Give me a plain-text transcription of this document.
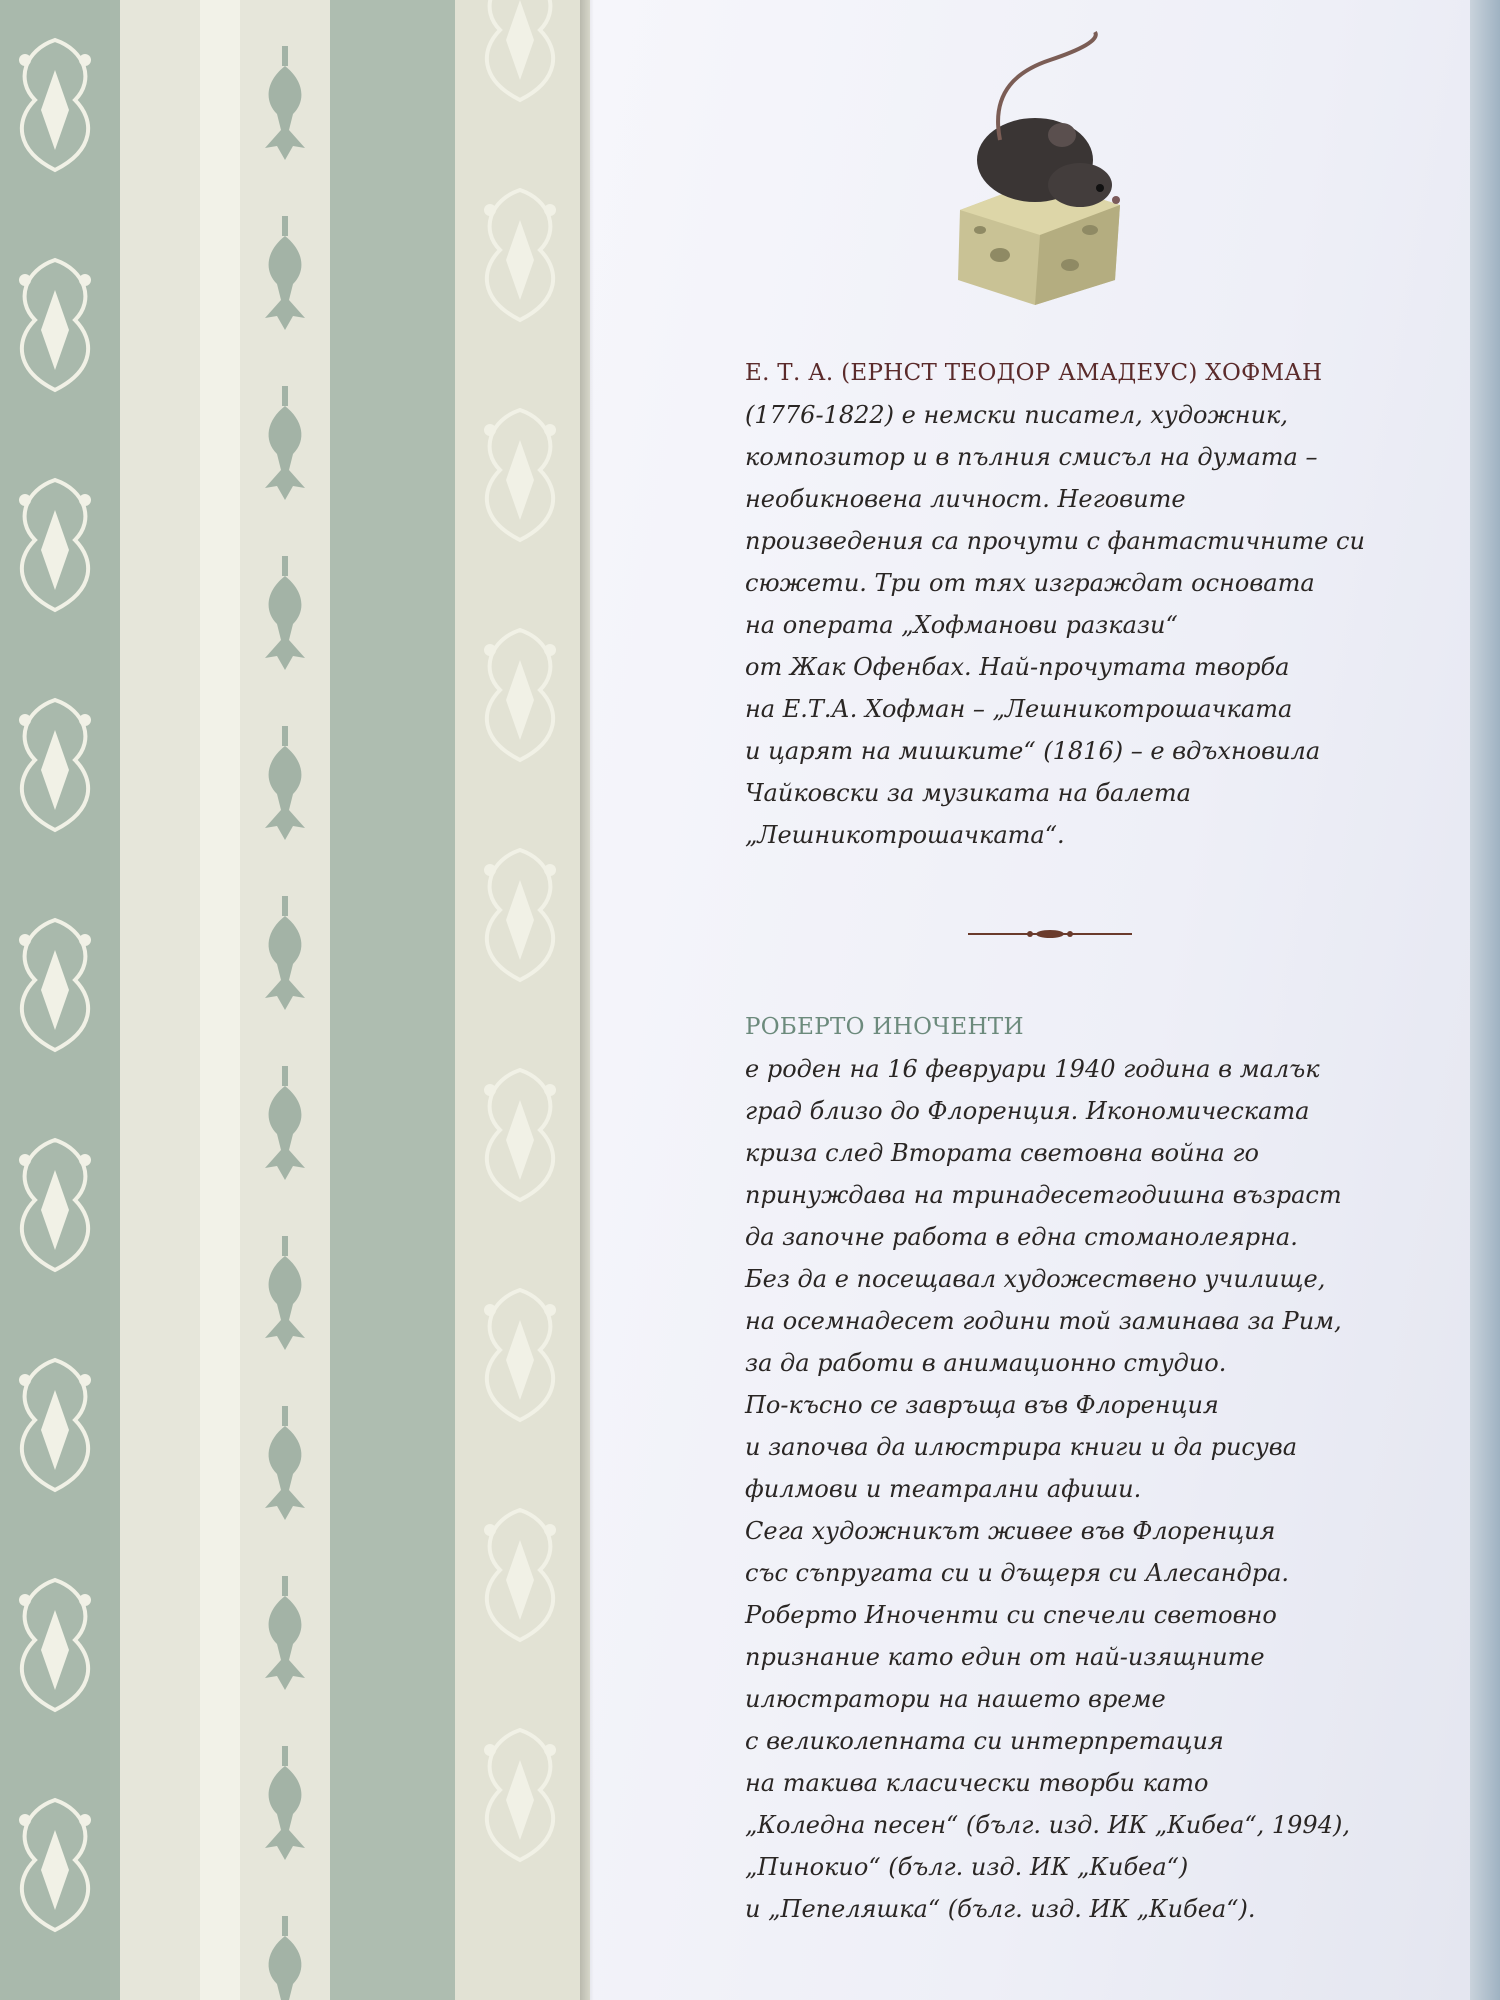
Е. Т. А. (ЕРНСТ ТЕОДОР АМАДЕУС) ХОФМАН
(1776-1822) е немски писател, художник,
композитор и в пълния смисъл на думата –
необикновена личност. Неговите
произведения са прочути с фантастичните си
сюжети. Три от тях изграждат основата
на операта „Хофманови разкази“
от Жак Офенбах. Най-прочутата творба
на Е.Т.А. Хофман – „Лешникотрошачката
и царят на мишките“ (1816) – е вдъхновила
Чайковски за музиката на балета
„Лешникотрошачката“.
РОБЕРТО ИНОЧЕНТИ
е роден на 16 февруари 1940 година в малък
град близо до Флоренция. Икономическата
криза след Втората световна война го
принуждава на тринадесетгодишна възраст
да започне работа в една стоманолеярна.
Без да е посещавал художествено училище,
на осемнадесет години той заминава за Рим,
за да работи в анимационно студио.
По-късно се завръща във Флоренция
и започва да илюстрира книги и да рисува
филмови и театрални афиши.
Сега художникът живее във Флоренция
със съпругата си и дъщеря си Алесандра.
Роберто Иноченти си спечели световно
признание като един от най-изящните
илюстратори на нашето време
с великолепната си интерпретация
на такива класически творби като
„Коледна песен“ (бълг. изд. ИК „Кибеа“, 1994),
„Пинокио“ (бълг. изд. ИК „Кибеа“)
и „Пепеляшка“ (бълг. изд. ИК „Кибеа“).
